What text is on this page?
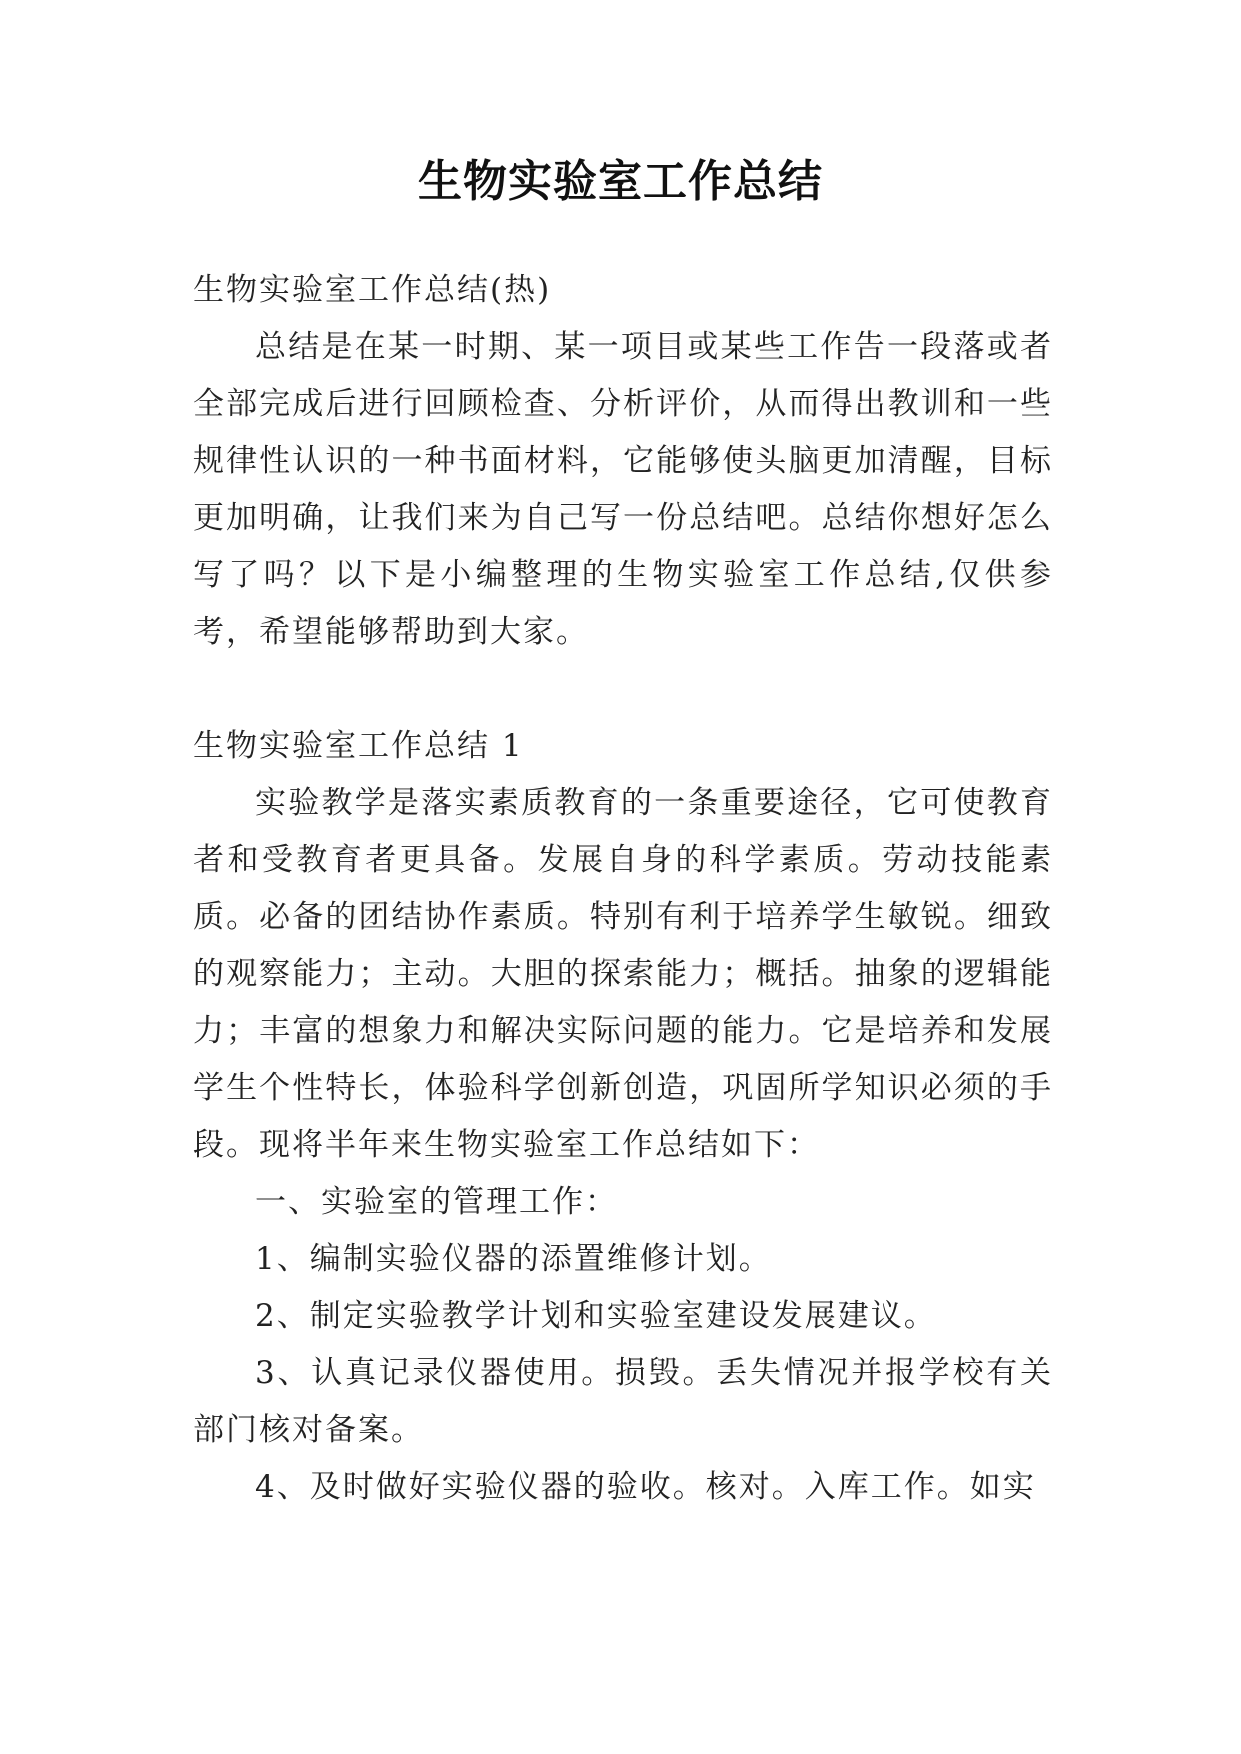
生物实验室工作总结

生物实验室工作总结(热)

总结是在某一时期、某一项目或某些工作告一段落或者全部完成后进行回顾检查、分析评价，从而得出教训和一些规律性认识的一种书面材料，它能够使头脑更加清醒，目标更加明确，让我们来为自己写一份总结吧。总结你想好怎么写了吗？以下是小编整理的生物实验室工作总结,仅供参考，希望能够帮助到大家。

生物实验室工作总结 1

实验教学是落实素质教育的一条重要途径，它可使教育者和受教育者更具备。发展自身的科学素质。劳动技能素质。必备的团结协作素质。特别有利于培养学生敏锐。细致的观察能力；主动。大胆的探索能力；概括。抽象的逻辑能力；丰富的想象力和解决实际问题的能力。它是培养和发展学生个性特长，体验科学创新创造，巩固所学知识必须的手段。现将半年来生物实验室工作总结如下：

一、实验室的管理工作：

1、编制实验仪器的添置维修计划。

2、制定实验教学计划和实验室建设发展建议。

3、认真记录仪器使用。损毁。丢失情况并报学校有关部门核对备案。

4、及时做好实验仪器的验收。核对。入库工作。如实
